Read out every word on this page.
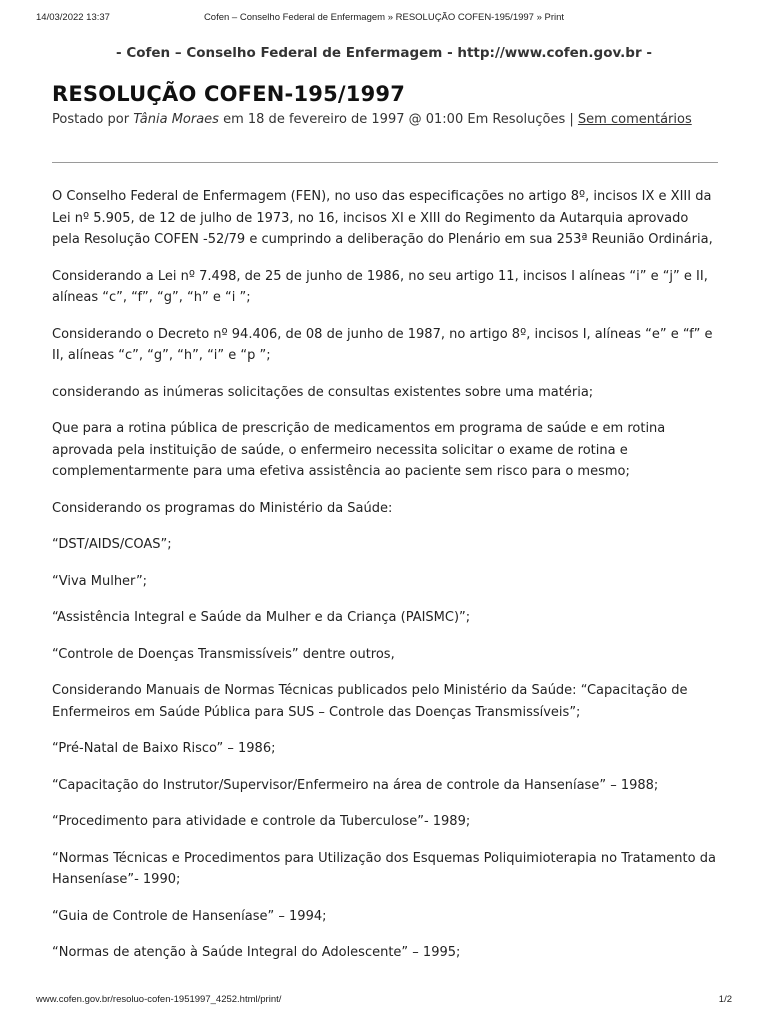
14/03/2022 13:37	Cofen – Conselho Federal de Enfermagem » RESOLUÇÃO COFEN-195/1997 » Print
- Cofen – Conselho Federal de Enfermagem - http://www.cofen.gov.br -
RESOLUÇÃO COFEN-195/1997
Postado por Tânia Moraes em 18 de fevereiro de 1997 @ 01:00 Em Resoluções | Sem comentários

O Conselho Federal de Enfermagem (FEN), no uso das especificações no artigo 8º, incisos IX e XIII da Lei nº 5.905, de 12 de julho de 1973, no 16, incisos XI e XIII do Regimento da Autarquia aprovado pela Resolução COFEN -52/79 e cumprindo a deliberação do Plenário em sua 253ª Reunião Ordinária,

Considerando a Lei nº 7.498, de 25 de junho de 1986, no seu artigo 11, incisos I alíneas “i” e “j” e II, alíneas “c”, “f”, “g”, “h” e “i ”;

Considerando o Decreto nº 94.406, de 08 de junho de 1987, no artigo 8º, incisos I, alíneas “e” e “f” e II, alíneas “c”, “g”, “h”, “i” e “p ”;

considerando as inúmeras solicitações de consultas existentes sobre uma matéria;

Que para a rotina pública de prescrição de medicamentos em programa de saúde e em rotina aprovada pela instituição de saúde, o enfermeiro necessita solicitar o exame de rotina e complementarmente para uma efetiva assistência ao paciente sem risco para o mesmo;

Considerando os programas do Ministério da Saúde:

“DST/AIDS/COAS”;

“Viva Mulher”;

“Assistência Integral e Saúde da Mulher e da Criança (PAISMC)”;

“Controle de Doenças Transmissíveis” dentre outros,

Considerando Manuais de Normas Técnicas publicados pelo Ministério da Saúde: “Capacitação de Enfermeiros em Saúde Pública para SUS – Controle das Doenças Transmissíveis”;

“Pré-Natal de Baixo Risco” – 1986;

“Capacitação do Instrutor/Supervisor/Enfermeiro na área de controle da Hanseníase” – 1988;

“Procedimento para atividade e controle da Tuberculose”- 1989;

“Normas Técnicas e Procedimentos para Utilização dos Esquemas Poliquimioterapia no Tratamento da Hanseníase”- 1990;

“Guia de Controle de Hanseníase” – 1994;

“Normas de atenção à Saúde Integral do Adolescente” – 1995;

www.cofen.gov.br/resoluo-cofen-1951997_4252.html/print/	1/2
